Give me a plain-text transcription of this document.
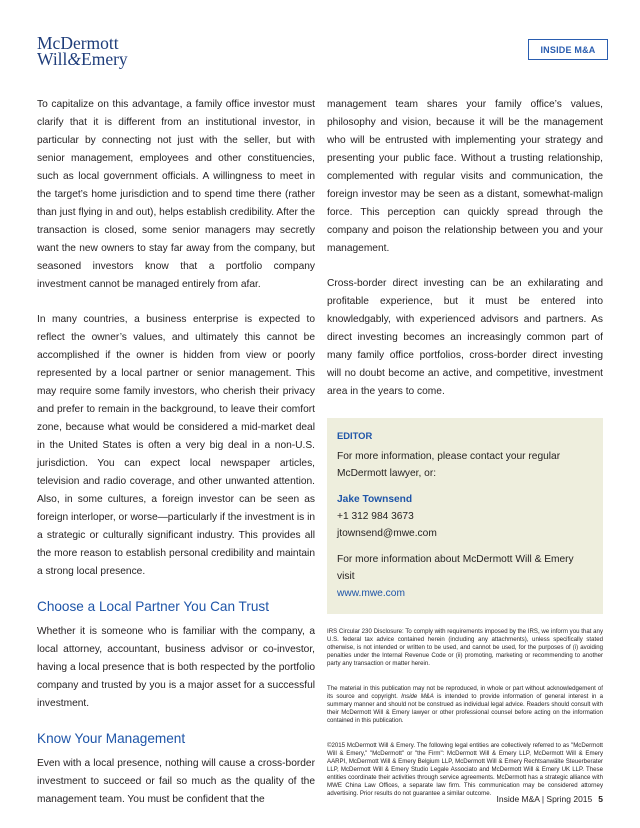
McDermott
Will&Emery	INSIDE M&A

To capitalize on this advantage, a family office investor must clarify that it is different from an institutional investor, in particular by connecting not just with the seller, but with senior management, employees and other constituencies, such as local government officials. A willingness to meet in the target’s home jurisdiction and to spend time there (rather than just flying in and out), helps establish credibility. After the transaction is closed, some senior managers may secretly want the new owners to stay far away from the company, but seasoned investors know that a portfolio company investment cannot be managed entirely from afar.

In many countries, a business enterprise is expected to reflect the owner’s values, and ultimately this cannot be accomplished if the owner is hidden from view or poorly represented by a local partner or senior management. This may require some family investors, who cherish their privacy and prefer to remain in the background, to leave their comfort zone, because what would be considered a mid-market deal in the United States is often a very big deal in a non-U.S. jurisdiction. You can expect local newspaper articles, television and radio coverage, and other unwanted attention. Also, in some cultures, a foreign investor can be seen as foreign interloper, or worse—particularly if the investment is in a strategic or culturally significant industry. This provides all the more reason to establish personal credibility and maintain a strong local presence.

Choose a Local Partner You Can Trust

Whether it is someone who is familiar with the company, a local attorney, accountant, business advisor or co-investor, having a local presence that is both respected by the portfolio company and trusted by you is a major asset for a successful investment.

Know Your Management

Even with a local presence, nothing will cause a cross-border investment to succeed or fail so much as the quality of the management team. You must be confident that the

management team shares your family office’s values, philosophy and vision, because it will be the management who will be entrusted with implementing your strategy and presenting your public face. Without a trusting relationship, complemented with regular visits and communication, the foreign investor may be seen as a distant, somewhat-malign force. This perception can quickly spread through the company and poison the relationship between you and your management.

Cross-border direct investing can be an exhilarating and profitable experience, but it must be entered into knowledgably, with experienced advisors and partners. As direct investing becomes an increasingly common part of many family office portfolios, cross-border direct investing will no doubt become an active, and competitive, investment area in the years to come.

EDITOR
For more information, please contact your regular McDermott lawyer, or:
Jake Townsend
+1 312 984 3673
jtownsend@mwe.com
For more information about McDermott Will & Emery visit
www.mwe.com

IRS Circular 230 Disclosure: To comply with requirements imposed by the IRS, we inform you that any U.S. federal tax advice contained herein (including any attachments), unless specifically stated otherwise, is not intended or written to be used, and cannot be used, for the purposes of (i) avoiding penalties under the Internal Revenue Code or (ii) promoting, marketing or recommending to another party any transaction or matter herein.

The material in this publication may not be reproduced, in whole or part without acknowledgement of its source and copyright. Inside M&A is intended to provide information of general interest in a summary manner and should not be construed as individual legal advice. Readers should consult with their McDermott Will & Emery lawyer or other professional counsel before acting on the information contained in this publication.

©2015 McDermott Will & Emery. The following legal entities are collectively referred to as "McDermott Will & Emery," "McDermott" or "the Firm": McDermott Will & Emery LLP, McDermott Will & Emery AARPI, McDermott Will & Emery Belgium LLP, McDermott Will & Emery Rechtsanwälte Steuerberater LLP, McDermott Will & Emery Studio Legale Associato and McDermott Will & Emery UK LLP. These entities coordinate their activities through service agreements. McDermott has a strategic alliance with MWE China Law Offices, a separate law firm. This communication may be considered attorney advertising. Prior results do not guarantee a similar outcome.

Inside M&A | Spring 2015 5
